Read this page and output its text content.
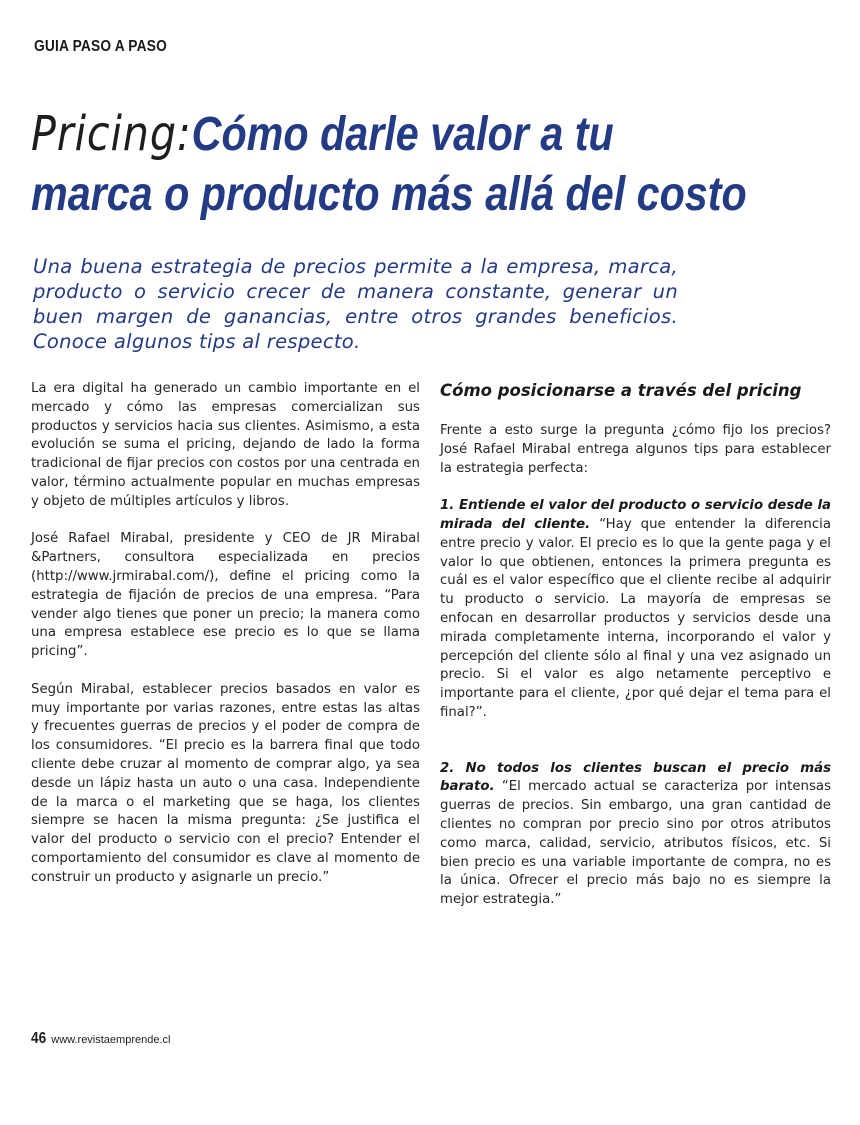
GUIA PASO A PASO
Pricing:Cómo darle valor a tu
marca o producto más allá del costo

Una buena estrategia de precios permite a la empresa, marca, producto o servicio crecer de manera constante, generar un buen margen de ganancias, entre otros grandes beneficios. Conoce algunos tips al respecto.

La era digital ha generado un cambio importante en el mercado y cómo las empresas comercializan sus productos y servicios hacia sus clientes. Asimismo, a esta evolución se suma el pricing, dejando de lado la forma tradicional de fijar precios con costos por una centrada en valor, término actualmente popular en muchas empresas y objeto de múltiples artículos y libros.

José Rafael Mirabal, presidente y CEO de JR Mirabal &Partners, consultora especializada en precios (http://www.jrmirabal.com/), define el pricing como la estrategia de fijación de precios de una empresa. “Para vender algo tienes que poner un precio; la manera como una empresa establece ese precio es lo que se llama pricing”.

Según Mirabal, establecer precios basados en valor es muy importante por varias razones, entre estas las altas y frecuentes guerras de precios y el poder de compra de los consumidores. “El precio es la barrera final que todo cliente debe cruzar al momento de comprar algo, ya sea desde un lápiz hasta un auto o una casa. Independiente de la marca o el marketing que se haga, los clientes siempre se hacen la misma pregunta: ¿Se justifica el valor del producto o servicio con el precio? Entender el comportamiento del consumidor es clave al momento de construir un producto y asignarle un precio.”

Cómo posicionarse a través del pricing

Frente a esto surge la pregunta ¿cómo fijo los precios? José Rafael Mirabal entrega algunos tips para establecer la estrategia perfecta:

1. Entiende el valor del producto o servicio desde la mirada del cliente. “Hay que entender la diferencia entre precio y valor. El precio es lo que la gente paga y el valor lo que obtienen, entonces la primera pregunta es cuál es el valor específico que el cliente recibe al adquirir tu producto o servicio. La mayoría de empresas se enfocan en desarrollar productos y servicios desde una mirada completamente interna, incorporando el valor y percepción del cliente sólo al final y una vez asignado un precio. Si el valor es algo netamente perceptivo e importante para el cliente, ¿por qué dejar el tema para el final?”.

2. No todos los clientes buscan el precio más barato. “El mercado actual se caracteriza por intensas guerras de precios. Sin embargo, una gran cantidad de clientes no compran por precio sino por otros atributos como marca, calidad, servicio, atributos físicos, etc. Si bien precio es una variable importante de compra, no es la única. Ofrecer el precio más bajo no es siempre la mejor estrategia.”

46 www.revistaemprende.cl
